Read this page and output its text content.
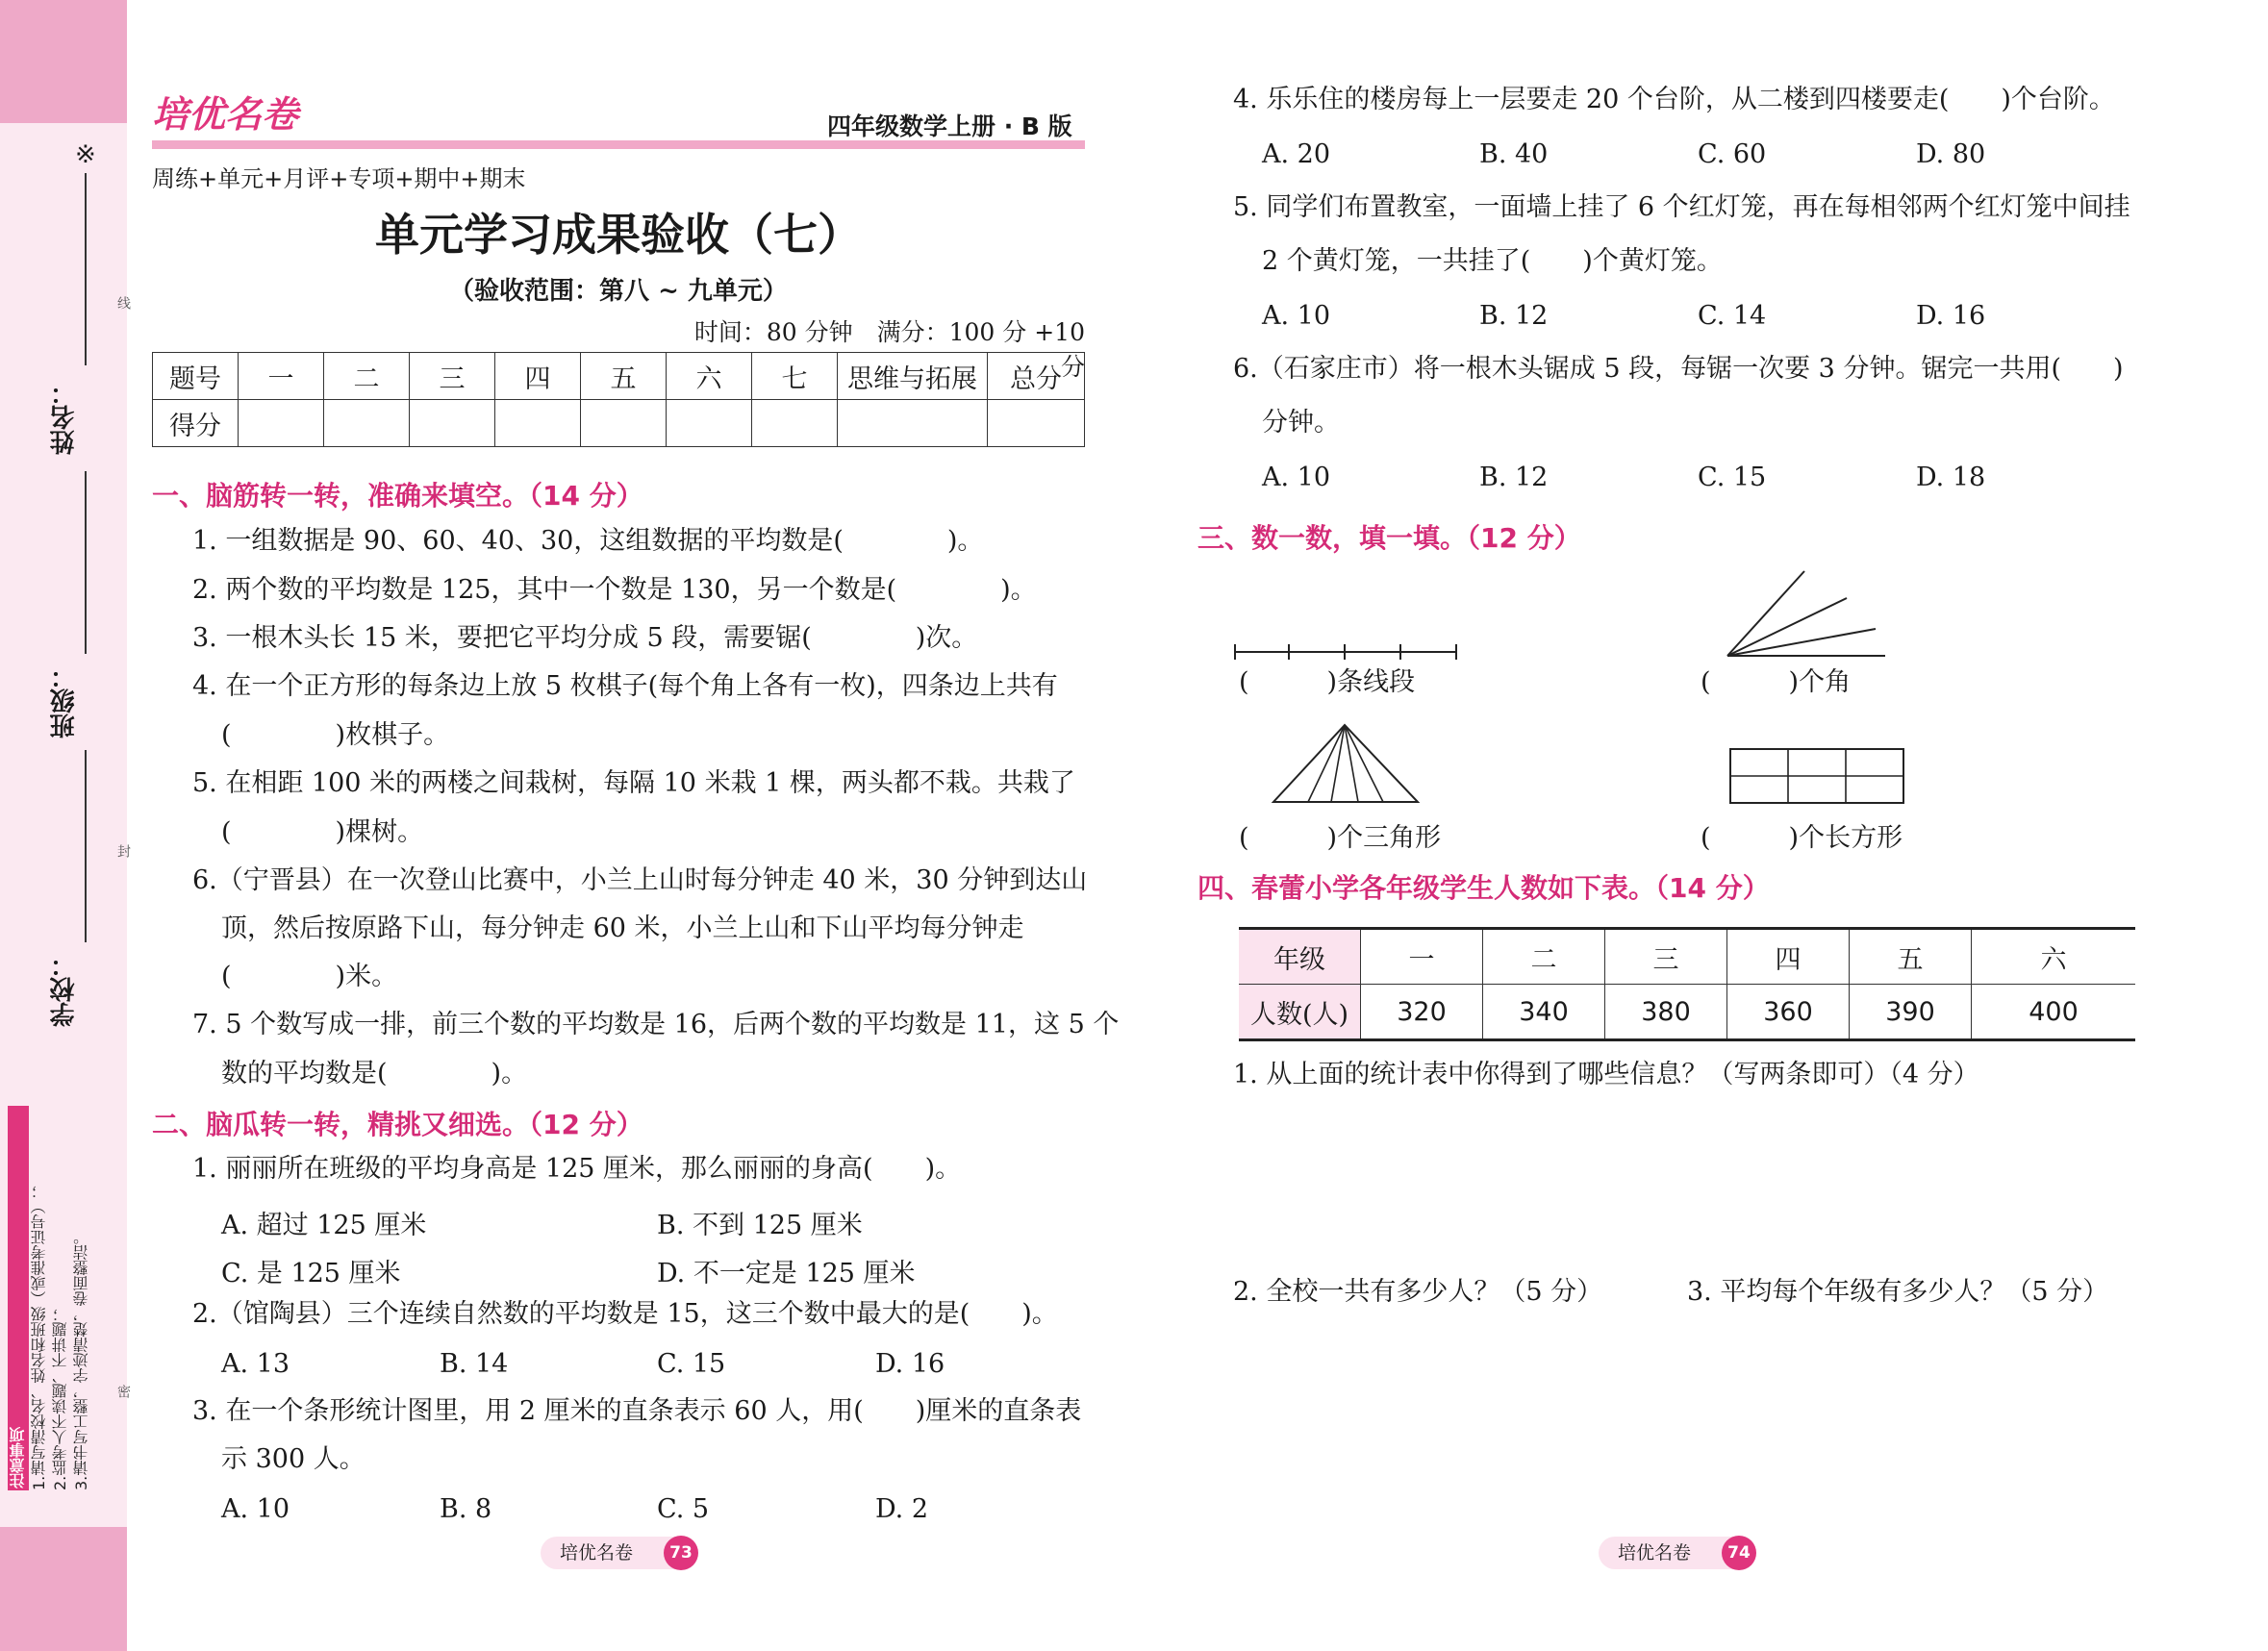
※
姓名：
班级：
学校：
线
封
密
注意事项 1.请写清校名、姓名和班级（或准考证号）； 2.监考人不读题、不讲题； 3.请书写工整，字迹清楚，卷面整洁。
培优名卷	四年级数学上册 · B 版
周练+单元+月评+专项+期中+期末
单元学习成果验收（七）
（验收范围：第八 ~ 九单元）
时间：80 分钟　满分：100 分 +10 分
题号	一	二	三	四	五	六	七	思维与拓展	总分
得分									
一、脑筋转一转，准确来填空。（14 分）
1. 一组数据是 90、60、40、30，这组数据的平均数是(　　　　)。
2. 两个数的平均数是 125，其中一个数是 130，另一个数是(　　　　)。
3. 一根木头长 15 米，要把它平均分成 5 段，需要锯(　　　　)次。
4. 在一个正方形的每条边上放 5 枚棋子(每个角上各有一枚)，四条边上共有
(　　　　)枚棋子。
5. 在相距 100 米的两楼之间栽树，每隔 10 米栽 1 棵，两头都不栽。共栽了
(　　　　)棵树。
6.（宁晋县）在一次登山比赛中，小兰上山时每分钟走 40 米，30 分钟到达山
顶，然后按原路下山，每分钟走 60 米，小兰上山和下山平均每分钟走
(　　　　)米。
7. 5 个数写成一排，前三个数的平均数是 16，后两个数的平均数是 11，这 5 个
数的平均数是(　　　　)。
二、脑瓜转一转，精挑又细选。（12 分）
1. 丽丽所在班级的平均身高是 125 厘米，那么丽丽的身高(　　)。
A. 超过 125 厘米	B. 不到 125 厘米
C. 是 125 厘米	D. 不一定是 125 厘米
2.（馆陶县）三个连续自然数的平均数是 15，这三个数中最大的是(　　)。
A. 13	B. 14	C. 15	D. 16
3. 在一个条形统计图里，用 2 厘米的直条表示 60 人，用(　　)厘米的直条表
示 300 人。
A. 10	B. 8	C. 5	D. 2
培优名卷	73
4. 乐乐住的楼房每上一层要走 20 个台阶，从二楼到四楼要走(　　)个台阶。
A. 20	B. 40	C. 60	D. 80
5. 同学们布置教室，一面墙上挂了 6 个红灯笼，再在每相邻两个红灯笼中间挂
2 个黄灯笼，一共挂了(　　)个黄灯笼。
A. 10	B. 12	C. 14	D. 16
6.（石家庄市）将一根木头锯成 5 段，每锯一次要 3 分钟。锯完一共用(　　)
分钟。
A. 10	B. 12	C. 15	D. 18
三、数一数，填一填。（12 分）
(　　　)条线段	(　　　)个角
(　　　)个三角形	(　　　)个长方形
四、春蕾小学各年级学生人数如下表。（14 分）
年级	一	二	三	四	五	六
人数(人)	320	340	380	360	390	400
1. 从上面的统计表中你得到了哪些信息？（写两条即可）（4 分）
2. 全校一共有多少人？（5 分）	3. 平均每个年级有多少人？（5 分）
培优名卷	74
